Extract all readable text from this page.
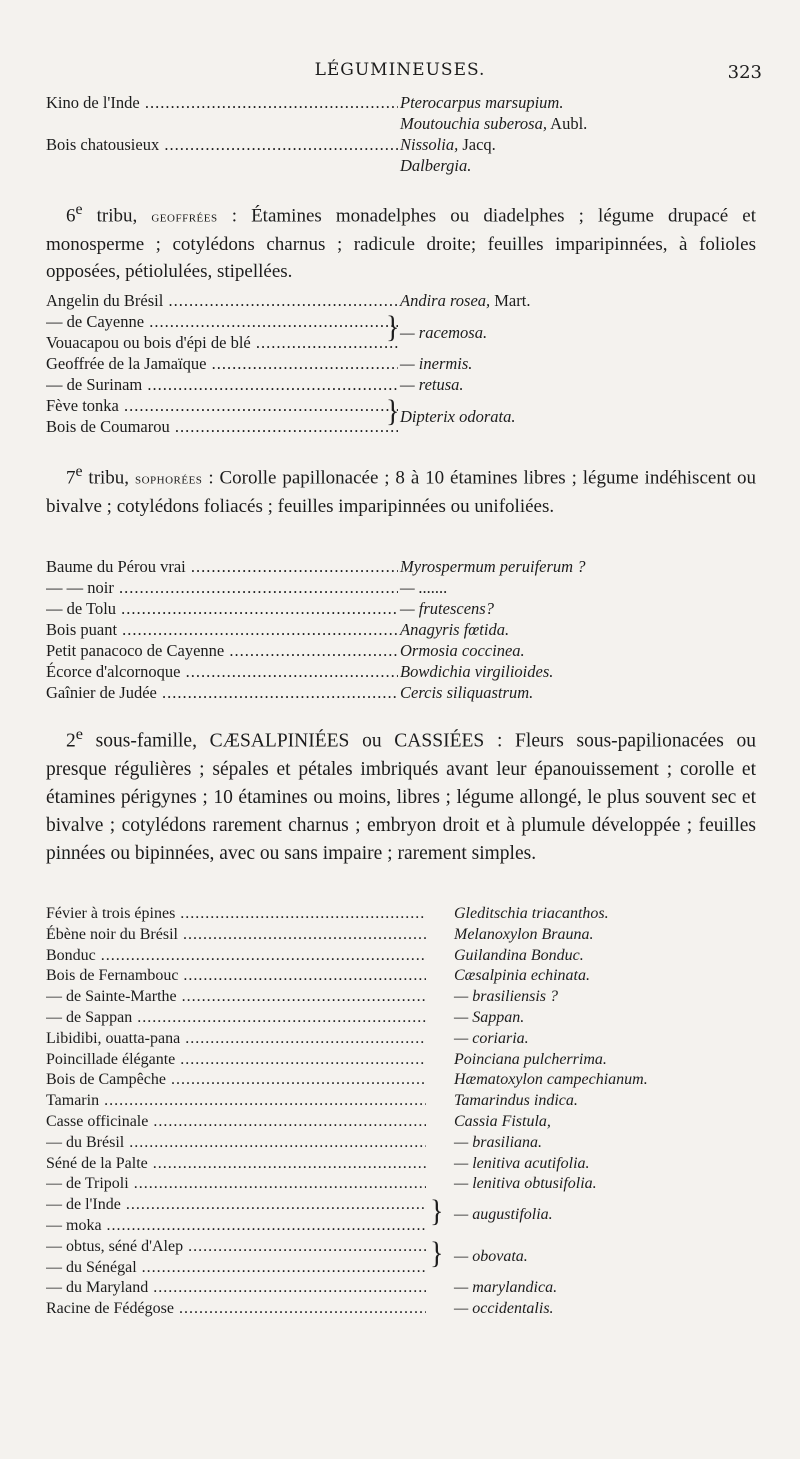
LÉGUMINEUSES.	323
Kino de l'Inde .....	Pterocarpus marsupium.
Moutouchia suberosa, Aubl.
Bois chatousieux .....	Nissolia, Jacq.
Dalbergia.
6e tribu, geoffrées : Étamines monadelphes ou diadelphes ; légume drupacé et monosperme ; cotylédons charnus ; radicule droite; feuilles imparipinnées, à folioles opposées, pétiolulées, stipellées.
Angelin du Brésil .....	Andira rosea, Mart.
— de Cayenne .....	} — racemosa.
Vouacapou ou bois d'épi de blé .....
Geoffrée de la Jamaïque .....	— inermis.
— de Surinam .....	— retusa.
Fève tonka .....	} Dipterix odorata.
Bois de Coumarou .....
7e tribu, sophorées : Corolle papillonacée ; 8 à 10 étamines libres ; légume indéhiscent ou bivalve ; cotylédons foliacés ; feuilles imparipinnées ou unifoliées.
Baume du Pérou vrai .....	Myrospermum peruiferum ?
— — noir .....	— .......
— de Tolu .....	— frutescens?
Bois puant .....	Anagyris fœtida.
Petit panacoco de Cayenne .....	Ormosia coccinea.
Écorce d'alcornoque .....	Bowdichia virgilioides.
Gaînier de Judée .....	Cercis siliquastrum.
2e sous-famille, CÆSALPINIÉES ou CASSIÉES : Fleurs sous-papilionacées ou presque régulières ; sépales et pétales imbriqués avant leur épanouissement ; corolle et étamines périgynes ; 10 étamines ou moins, libres ; légume allongé, le plus souvent sec et bivalve ; cotylédons rarement charnus ; embryon droit et à plumule développée ; feuilles pinnées ou bipinnées, avec ou sans impaire ; rarement simples.
Févier à trois épines .....	Gleditschia triacanthos.
Ébène noir du Brésil .....	Melanoxylon Brauna.
Bonduc .....	Guilandina Bonduc.
Bois de Fernambouc .....	Cæsalpinia echinata.
— de Sainte-Marthe .....	— brasiliensis ?
— de Sappan .....	— Sappan.
Libidibi, ouatta-pana .....	— coriaria.
Poincillade élégante .....	Poinciana pulcherrima.
Bois de Campêche .....	Hæmatoxylon campechianum.
Tamarin .....	Tamarindus indica.
Casse officinale .....	Cassia Fistula,
— du Brésil .....	— brasiliana.
Séné de la Palte .....	— lenitiva acutifolia.
— de Tripoli .....	— lenitiva obtusifolia.
— de l'Inde .....	} — augustifolia.
— moka .....
— obtus, séné d'Alep .....	} — obovata.
— du Sénégal .....
— du Maryland .....	— marylandica.
Racine de Fédégose .....	— occidentalis.
